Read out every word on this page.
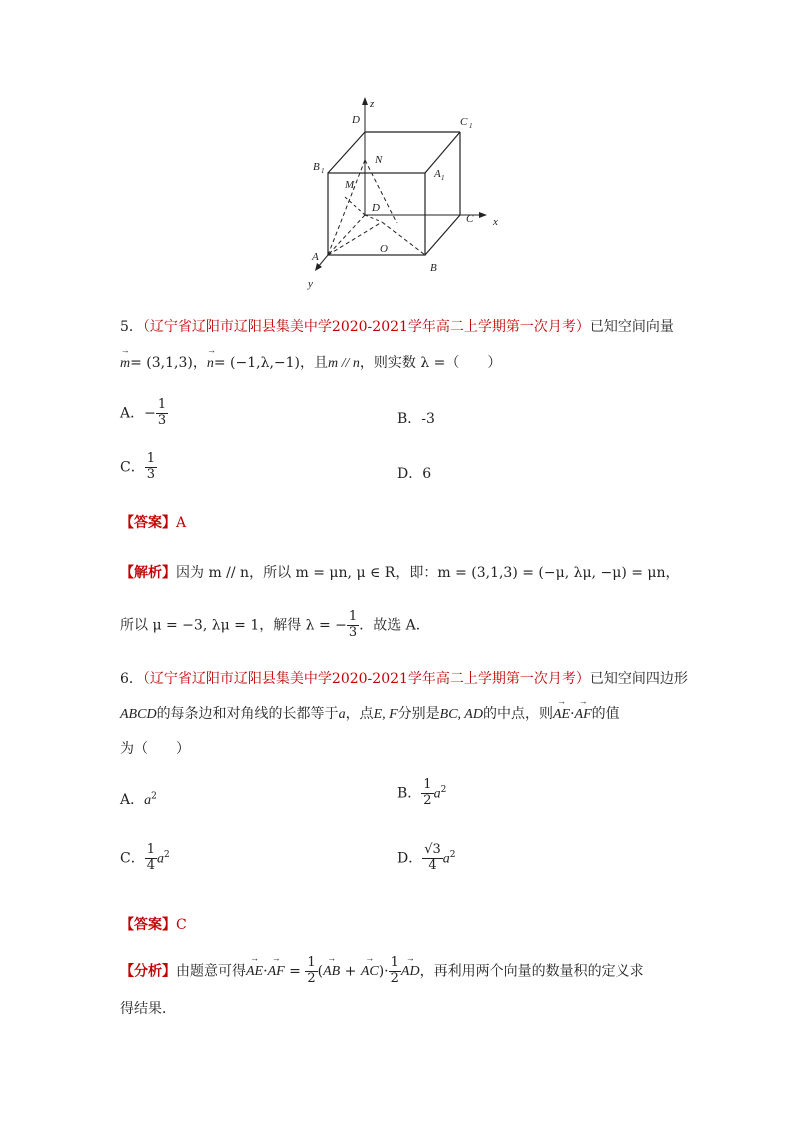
z
x
y
D	C 1
B 1	A 1
N
M
D
C
A
O
B
5．（辽宁省辽阳市辽阳县集美中学2020-2021学年高二上学期第一次月考）已知空间向量
→ m= (3,1,3)，→ n= (−1,λ,−1)，且m // n，则实数 λ =（　　）
A．− $\frac{1}{3}$	B．-3
C． $\frac{1}{3}$	D．6
【答案】A
【解析】因为 m // n，所以 m = μn, μ ∈ R，即：m = (3,1,3) = (−μ, λμ, −μ) = μn，
所以 μ = −3, λμ = 1，解得 λ = − $\frac{1}{3}$ ．故选 A．
6．（辽宁省辽阳市辽阳县集美中学2020-2021学年高二上学期第一次月考）已知空间四边形
ABCD的每条边和对角线的长都等于a，点E, F分别是BC, AD的中点，则→ AE·→ AF的值
为（　　）
A．$a^2$	B． $\frac{1}{2} a^2$
C． $\frac{1}{4} a^2$	D． $\frac{√3}{4} a^2$
【答案】C
【分析】由题意可得→ AE·→ AF = $\frac{1}{2}$ (→ AB + → $AC)\cdot \frac{1}{2}$
→ AD，再利用两个向量的数量积的定义求
得结果．
